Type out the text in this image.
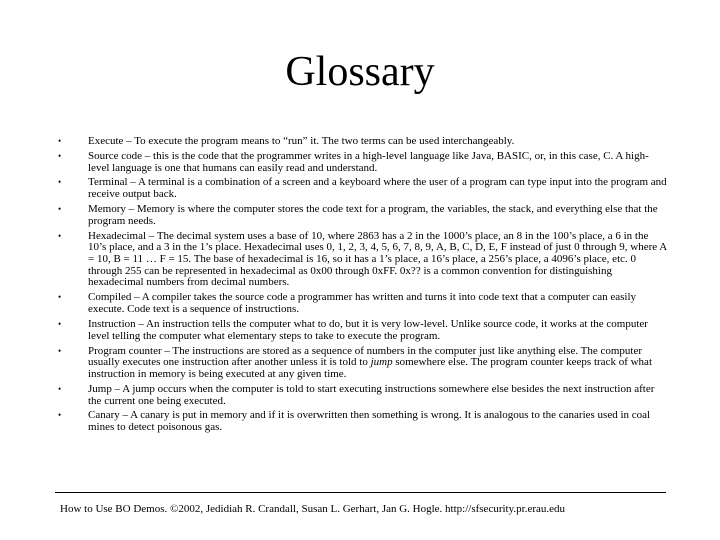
Glossary
• Execute – To execute the program means to “run” it. The two terms can be used interchangeably.
• Source code – this is the code that the programmer writes in a high-level language like Java, BASIC, or, in this case, C. A high-level language is one that humans can easily read and understand.
• Terminal – A terminal is a combination of a screen and a keyboard where the user of a program can type input into the program and receive output back.
• Memory – Memory is where the computer stores the code text for a program, the variables, the stack, and everything else that the program needs.
• Hexadecimal – The decimal system uses a base of 10, where 2863 has a 2 in the 1000’s place, an 8 in the 100’s place, a 6 in the 10’s place, and a 3 in the 1’s place. Hexadecimal uses 0, 1, 2, 3, 4, 5, 6, 7, 8, 9, A, B, C, D, E, F instead of just 0 through 9, where A = 10, B = 11 … F = 15. The base of hexadecimal is 16, so it has a 1’s place, a 16’s place, a 256’s place, a 4096’s place, etc. 0 through 255 can be represented in hexadecimal as 0x00 through 0xFF. 0x?? is a common convention for distinguishing hexadecimal numbers from decimal numbers.
• Compiled – A compiler takes the source code a programmer has written and turns it into code text that a computer can easily execute. Code text is a sequence of instructions.
• Instruction – An instruction tells the computer what to do, but it is very low-level. Unlike source code, it works at the computer level telling the computer what elementary steps to take to execute the program.
• Program counter – The instructions are stored as a sequence of numbers in the computer just like anything else. The computer usually executes one instruction after another unless it is told to jump somewhere else. The program counter keeps track of what instruction in memory is being executed at any given time.
• Jump – A jump occurs when the computer is told to start executing instructions somewhere else besides the next instruction after the current one being executed.
• Canary – A canary is put in memory and if it is overwritten then something is wrong. It is analogous to the canaries used in coal mines to detect poisonous gas.
How to Use BO Demos. ©2002, Jedidiah R. Crandall, Susan L. Gerhart, Jan G. Hogle. http://sfsecurity.pr.erau.edu
